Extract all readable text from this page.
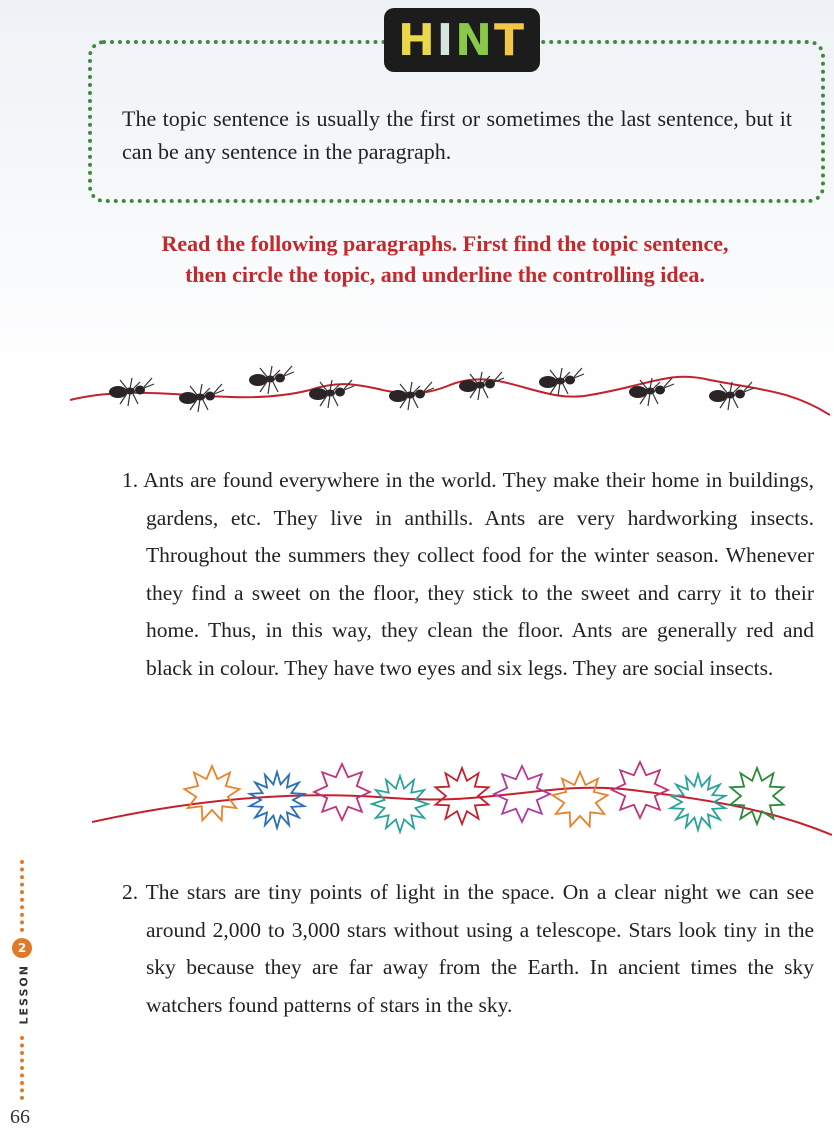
H I N T
The topic sentence is usually the first or sometimes the last sentence, but it can be any sentence in the paragraph.
Read the following paragraphs. First find the topic sentence,
then circle the topic, and underline the controlling idea.
1. Ants are found everywhere in the world. They make their home in buildings, gardens, etc. They live in anthills. Ants are very hardworking insects. Throughout the summers they collect food for the winter season. Whenever they find a sweet on the floor, they stick to the sweet and carry it to their home. Thus, in this way, they clean the floor. Ants are generally red and black in colour. They have two eyes and six legs. They are social insects.
2. The stars are tiny points of light in the space. On a clear night we can see around 2,000 to 3,000 stars without using a telescope. Stars look tiny in the sky because they are far away from the Earth. In ancient times the sky watchers found patterns of stars in the sky.
2
LESSON
66
